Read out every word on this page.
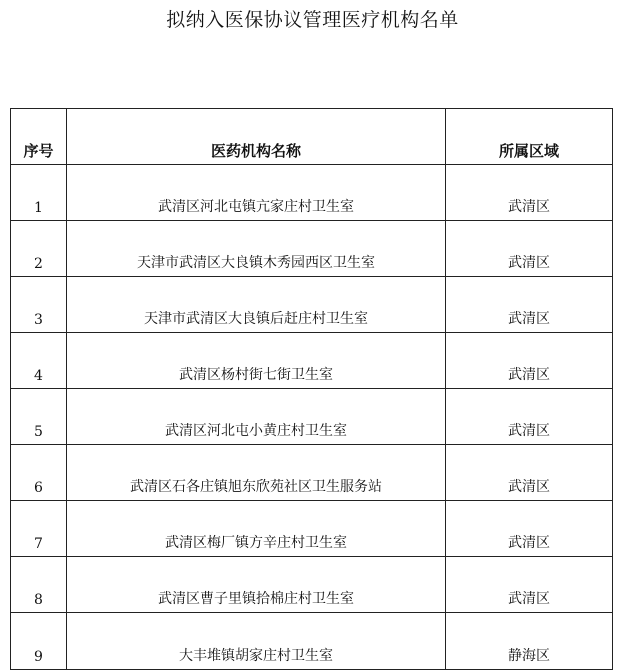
拟纳入医保协议管理医疗机构名单
序号	医药机构名称	所属区域
1	武清区河北屯镇亢家庄村卫生室	武清区
2	天津市武清区大良镇木秀园西区卫生室	武清区
3	天津市武清区大良镇后赶庄村卫生室	武清区
4	武清区杨村街七街卫生室	武清区
5	武清区河北屯小黄庄村卫生室	武清区
6	武清区石各庄镇旭东欣苑社区卫生服务站	武清区
7	武清区梅厂镇方辛庄村卫生室	武清区
8	武清区曹子里镇拾棉庄村卫生室	武清区
9	大丰堆镇胡家庄村卫生室	静海区
